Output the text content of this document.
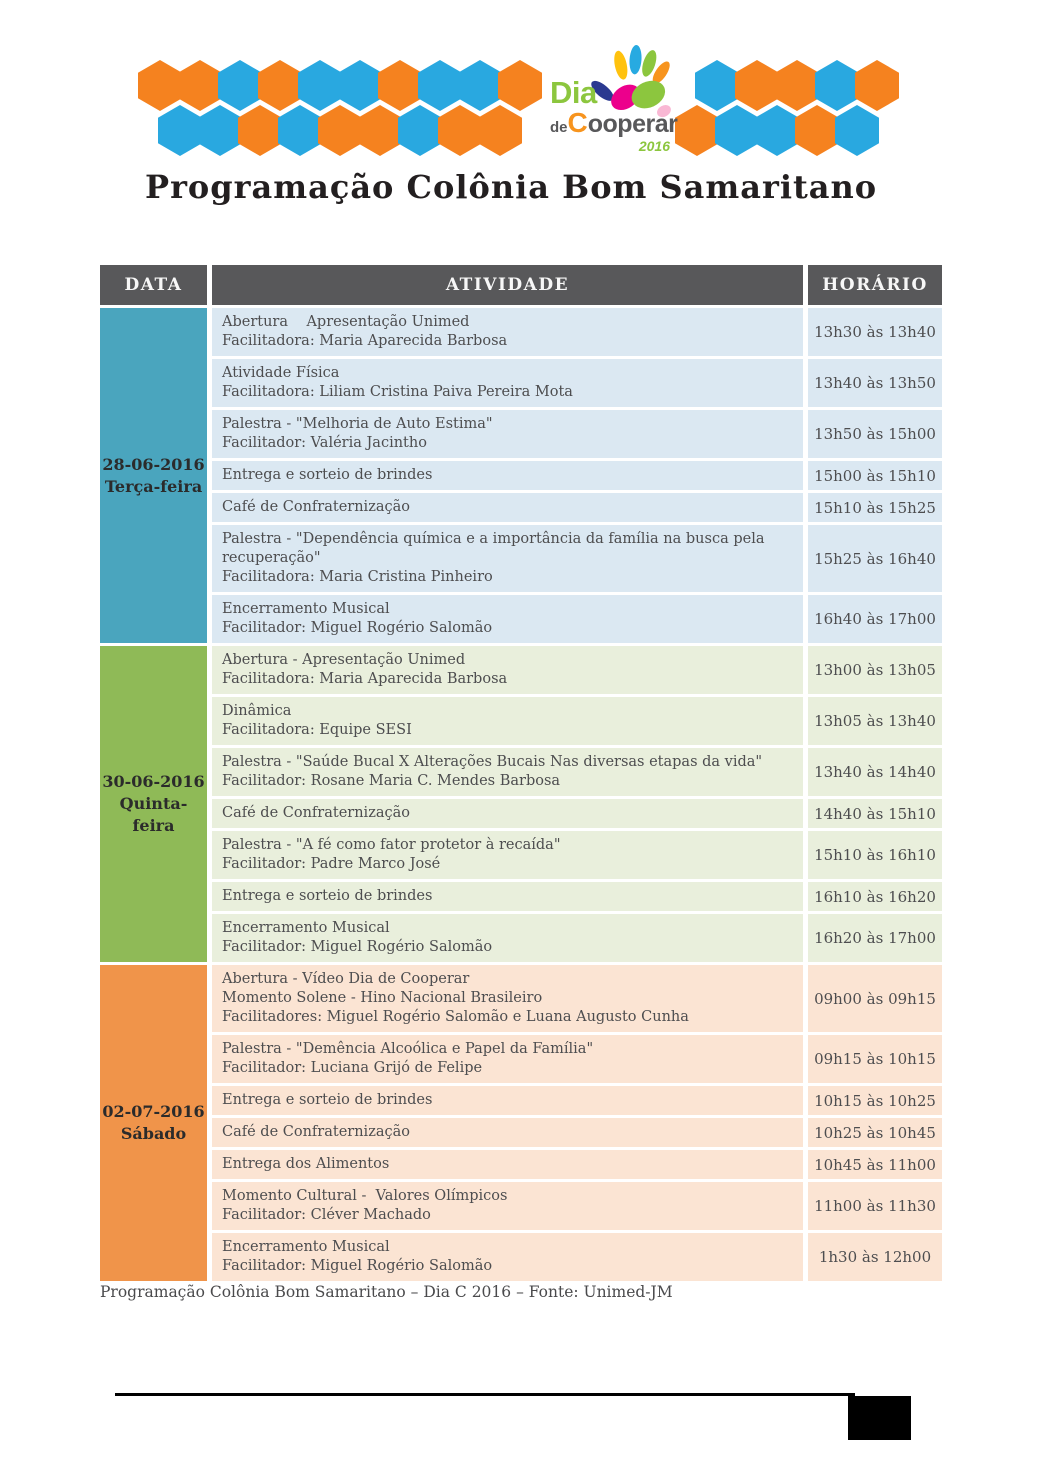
Dia
deCooperar
2016
Programação Colônia Bom Samaritano
DATA	ATIVIDADE	HORÁRIO
28-06-2016
Terça-feira
Abertura    Apresentação Unimed
Facilitadora: Maria Aparecida Barbosa	13h30 às 13h40
Atividade Física
Facilitadora: Liliam Cristina Paiva Pereira Mota	13h40 às 13h50
Palestra - "Melhoria de Auto Estima"
Facilitador: Valéria Jacintho	13h50 às 15h00
Entrega e sorteio de brindes	15h00 às 15h10
Café de Confraternização	15h10 às 15h25
Palestra - "Dependência química e a importância da família na busca pela recuperação"
Facilitadora: Maria Cristina Pinheiro
15h25 às 16h40
Encerramento Musical
Facilitador: Miguel Rogério Salomão	16h40 às 17h00
30-06-2016
Quinta-feira
Abertura - Apresentação Unimed
Facilitadora: Maria Aparecida Barbosa	13h00 às 13h05
Dinâmica
Facilitadora: Equipe SESI	13h05 às 13h40
Palestra - "Saúde Bucal X Alterações Bucais Nas diversas etapas da vida"
Facilitador: Rosane Maria C. Mendes Barbosa	13h40 às 14h40
Café de Confraternização	14h40 às 15h10
Palestra - "A fé como fator protetor à recaída"
Facilitador: Padre Marco José	15h10 às 16h10
Entrega e sorteio de brindes	16h10 às 16h20
Encerramento Musical
Facilitador: Miguel Rogério Salomão	16h20 às 17h00
02-07-2016
Sábado
Abertura - Vídeo Dia de Cooperar
Momento Solene - Hino Nacional Brasileiro
Facilitadores: Miguel Rogério Salomão e Luana Augusto Cunha
09h00 às 09h15
Palestra - "Demência Alcoólica e Papel da Família"
Facilitador: Luciana Grijó de Felipe	09h15 às 10h15
Entrega e sorteio de brindes	10h15 às 10h25
Café de Confraternização	10h25 às 10h45
Entrega dos Alimentos	10h45 às 11h00
Momento Cultural -  Valores Olímpicos
Facilitador: Cléver Machado	11h00 às 11h30
Encerramento Musical
Facilitador: Miguel Rogério Salomão	1h30 às 12h00
Programação Colônia Bom Samaritano – Dia C 2016 – Fonte: Unimed-JM
